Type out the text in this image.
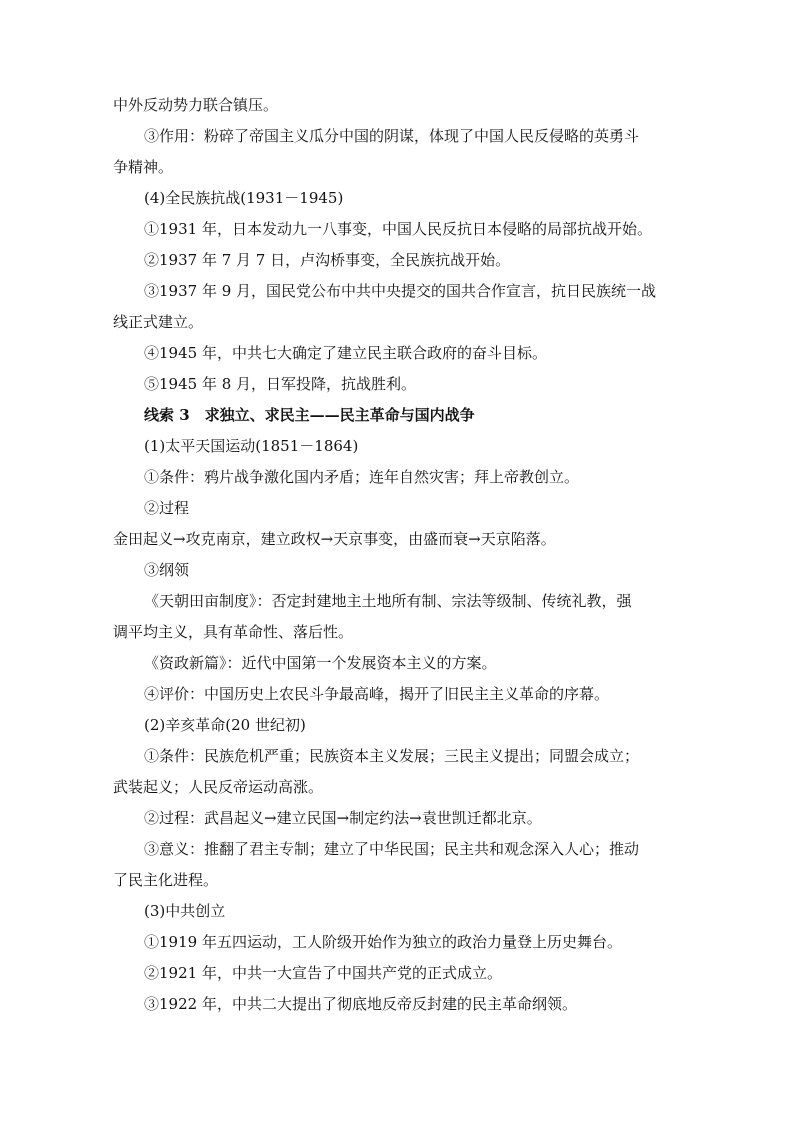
中外反动势力联合镇压。
③作用：粉碎了帝国主义瓜分中国的阴谋，体现了中国人民反侵略的英勇斗
争精神。
(4)全民族抗战(1931－1945)
①1931 年，日本发动九一八事变，中国人民反抗日本侵略的局部抗战开始。
②1937 年 7 月 7 日，卢沟桥事变，全民族抗战开始。
③1937 年 9 月，国民党公布中共中央提交的国共合作宣言，抗日民族统一战
线正式建立。
④1945 年，中共七大确定了建立民主联合政府的奋斗目标。
⑤1945 年 8 月，日军投降，抗战胜利。
线索 3　求独立、求民主——民主革命与国内战争
(1)太平天国运动(1851－1864)
①条件：鸦片战争激化国内矛盾；连年自然灾害；拜上帝教创立。
②过程
金田起义→攻克南京，建立政权→天京事变，由盛而衰→天京陷落。
③纲领
《天朝田亩制度》：否定封建地主土地所有制、宗法等级制、传统礼教，强
调平均主义，具有革命性、落后性。
《资政新篇》：近代中国第一个发展资本主义的方案。
④评价：中国历史上农民斗争最高峰，揭开了旧民主主义革命的序幕。
(2)辛亥革命(20 世纪初)
①条件：民族危机严重；民族资本主义发展；三民主义提出；同盟会成立；
武装起义；人民反帝运动高涨。
②过程：武昌起义→建立民国→制定约法→袁世凯迁都北京。
③意义：推翻了君主专制；建立了中华民国；民主共和观念深入人心；推动
了民主化进程。
(3)中共创立
①1919 年五四运动，工人阶级开始作为独立的政治力量登上历史舞台。
②1921 年，中共一大宣告了中国共产党的正式成立。
③1922 年，中共二大提出了彻底地反帝反封建的民主革命纲领。
